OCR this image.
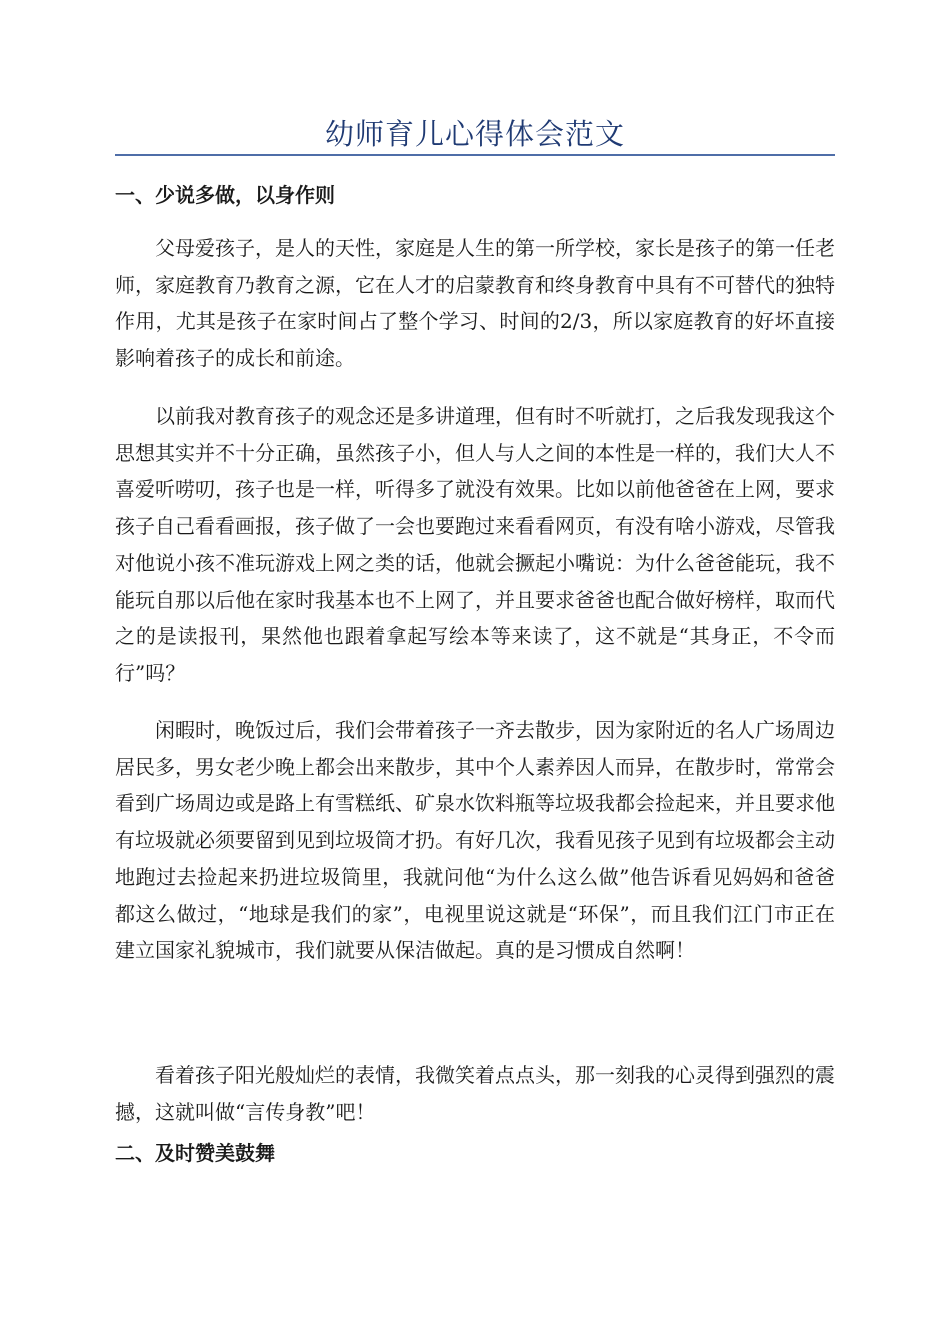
幼师育儿心得体会范文
一、少说多做，以身作则

父母爱孩子，是人的天性，家庭是人生的第一所学校，家长是孩子的第一任老师，家庭教育乃教育之源，它在人才的启蒙教育和终身教育中具有不可替代的独特作用，尤其是孩子在家时间占了整个学习、时间的2/3，所以家庭教育的好坏直接影响着孩子的成长和前途。

以前我对教育孩子的观念还是多讲道理，但有时不听就打，之后我发现我这个思想其实并不十分正确，虽然孩子小，但人与人之间的本性是一样的，我们大人不喜爱听唠叨，孩子也是一样，听得多了就没有效果。比如以前他爸爸在上网，要求孩子自己看看画报，孩子做了一会也要跑过来看看网页，有没有啥小游戏，尽管我对他说小孩不准玩游戏上网之类的话，他就会撅起小嘴说：为什么爸爸能玩，我不能玩自那以后他在家时我基本也不上网了，并且要求爸爸也配合做好榜样，取而代之的是读报刊，果然他也跟着拿起写绘本等来读了，这不就是“其身正，不令而行”吗？

闲暇时，晚饭过后，我们会带着孩子一齐去散步，因为家附近的名人广场周边居民多，男女老少晚上都会出来散步，其中个人素养因人而异，在散步时，常常会看到广场周边或是路上有雪糕纸、矿泉水饮料瓶等垃圾我都会捡起来，并且要求他有垃圾就必须要留到见到垃圾筒才扔。有好几次，我看见孩子见到有垃圾都会主动地跑过去捡起来扔进垃圾筒里，我就问他“为什么这么做”他告诉看见妈妈和爸爸都这么做过，“地球是我们的家”，电视里说这就是“环保”，而且我们江门市正在建立国家礼貌城市，我们就要从保洁做起。真的是习惯成自然啊！

看着孩子阳光般灿烂的表情，我微笑着点点头，那一刻我的心灵得到强烈的震撼，这就叫做“言传身教”吧！

二、及时赞美鼓舞
